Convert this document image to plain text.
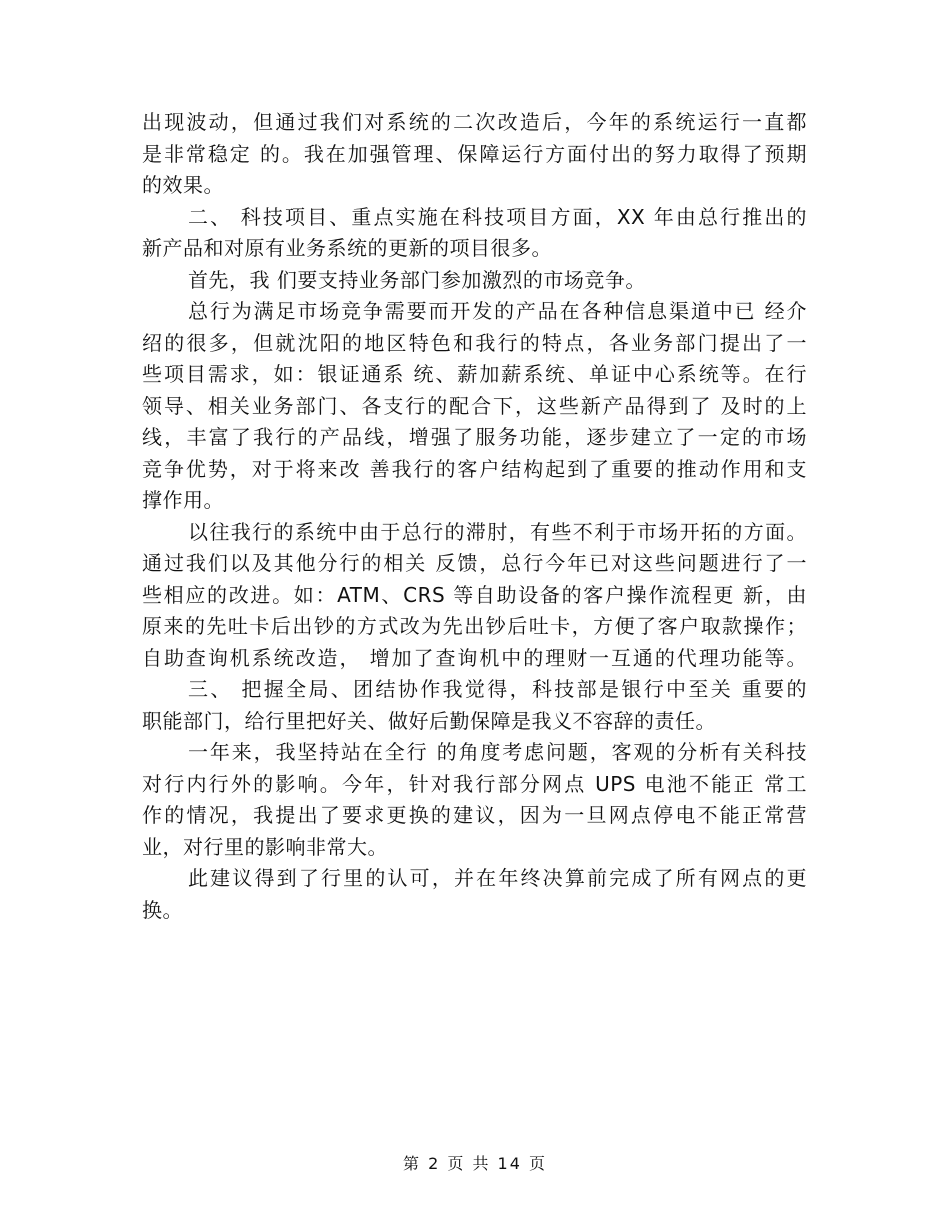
出现波动，但通过我们对系统的二次改造后，今年的系统运行一直都
是非常稳定 的。我在加强管理、保障运行方面付出的努力取得了预期
的效果。
二、 科技项目、重点实施在科技项目方面，XX 年由总行推出的
新产品和对原有业务系统的更新的项目很多。
首先，我 们要支持业务部门参加激烈的市场竞争。
总行为满足市场竞争需要而开发的产品在各种信息渠道中已 经介
绍的很多，但就沈阳的地区特色和我行的特点，各业务部门提出了一
些项目需求，如：银证通系 统、薪加薪系统、单证中心系统等。在行
领导、相关业务部门、各支行的配合下，这些新产品得到了 及时的上
线，丰富了我行的产品线，增强了服务功能，逐步建立了一定的市场
竞争优势，对于将来改 善我行的客户结构起到了重要的推动作用和支
撑作用。
以往我行的系统中由于总行的滞肘，有些不利于市场开拓的方面。
通过我们以及其他分行的相关 反馈，总行今年已对这些问题进行了一
些相应的改进。如：ATM、CRS 等自助设备的客户操作流程更 新，由
原来的先吐卡后出钞的方式改为先出钞后吐卡，方便了客户取款操作；
自助查询机系统改造， 增加了查询机中的理财一互通的代理功能等。
三、 把握全局、团结协作我觉得，科技部是银行中至关 重要的
职能部门，给行里把好关、做好后勤保障是我义不容辞的责任。
一年来，我坚持站在全行 的角度考虑问题，客观的分析有关科技
对行内行外的影响。今年，针对我行部分网点 UPS 电池不能正 常工
作的情况，我提出了要求更换的建议，因为一旦网点停电不能正常营
业，对行里的影响非常大。
此建议得到了行里的认可，并在年终决算前完成了所有网点的更
换。
第 2 页 共 14 页
